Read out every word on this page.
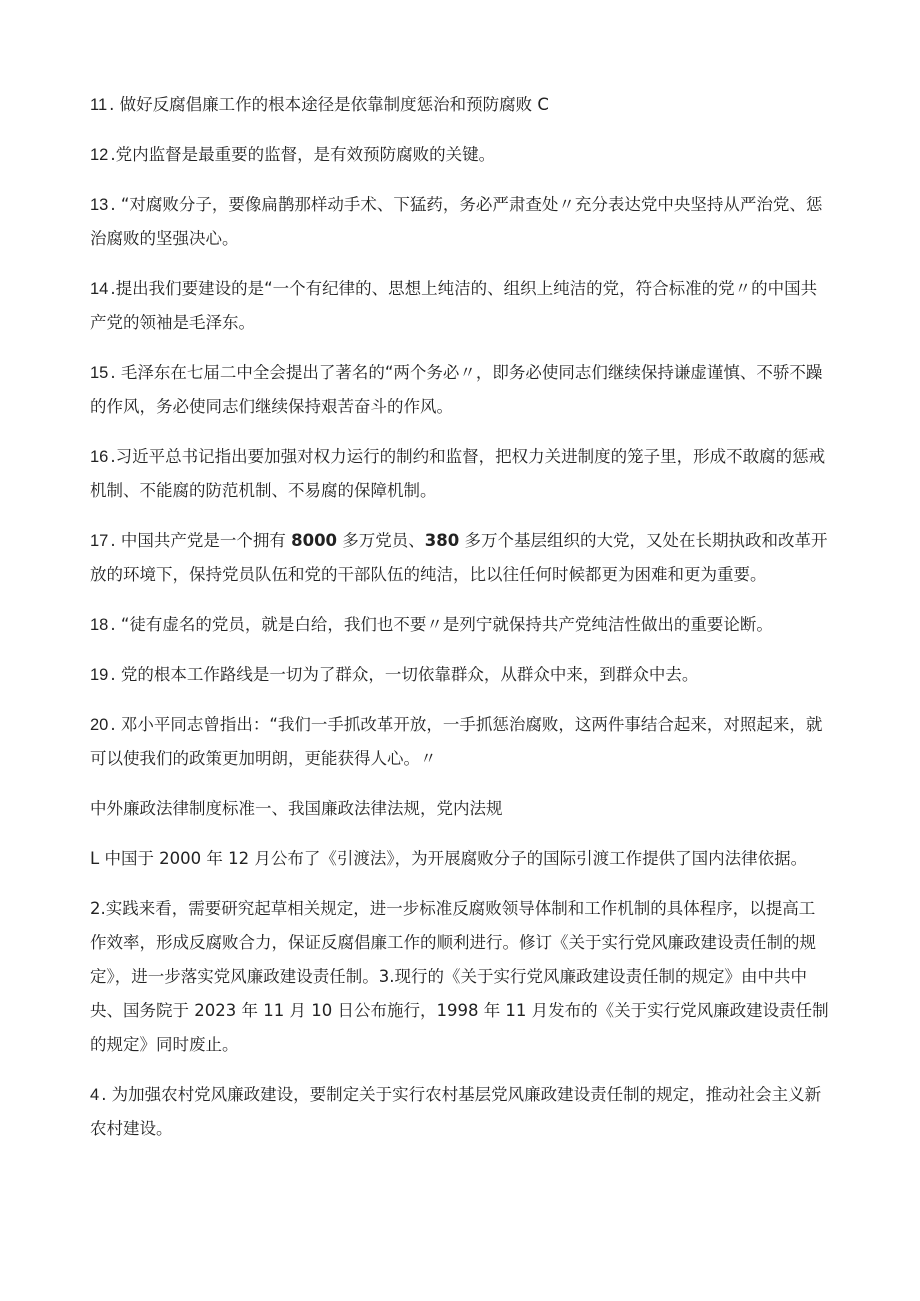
11 . 做好反腐倡廉工作的根本途径是依靠制度惩治和预防腐败 C

12 .党内监督是最重要的监督，是有效预防腐败的关键。

13 . “对腐败分子，要像扁鹊那样动手术、下猛药，务必严肃查处〃充分表达党中央坚持从严治党、惩治腐败的坚强决心。

14 .提出我们要建设的是“一个有纪律的、思想上纯洁的、组织上纯洁的党，符合标准的党〃的中国共产党的领袖是毛泽东。

15 . 毛泽东在七届二中全会提出了著名的“两个务必〃，即务必使同志们继续保持谦虚谨慎、不骄不躁的作风，务必使同志们继续保持艰苦奋斗的作风。

16 .习近平总书记指出要加强对权力运行的制约和监督，把权力关进制度的笼子里，形成不敢腐的惩戒机制、不能腐的防范机制、不易腐的保障机制。

17 . 中国共产党是一个拥有 8000 多万党员、380 多万个基层组织的大党，又处在长期执政和改革开放的环境下，保持党员队伍和党的干部队伍的纯洁，比以往任何时候都更为困难和更为重要。

18 . “徒有虚名的党员，就是白给，我们也不要〃是列宁就保持共产党纯洁性做出的重要论断。

19 . 党的根本工作路线是一切为了群众，一切依靠群众，从群众中来，到群众中去。

20 . 邓小平同志曾指出：“我们一手抓改革开放，一手抓惩治腐败，这两件事结合起来，对照起来，就可以使我们的政策更加明朗，更能获得人心。〃

中外廉政法律制度标准一、我国廉政法律法规，党内法规

L 中国于 2000 年 12 月公布了《引渡法》，为开展腐败分子的国际引渡工作提供了国内法律依据。

2.实践来看，需要研究起草相关规定，进一步标准反腐败领导体制和工作机制的具体程序，以提高工作效率，形成反腐败合力，保证反腐倡廉工作的顺利进行。修订《关于实行党风廉政建设责任制的规定》，进一步落实党风廉政建设责任制。3.现行的《关于实行党风廉政建设责任制的规定》由中共中央、国务院于 2023 年 11 月 10 日公布施行，1998 年 11 月发布的《关于实行党风廉政建设责任制的规定》同时废止。

4 . 为加强农村党风廉政建设，要制定关于实行农村基层党风廉政建设责任制的规定，推动社会主义新农村建设。
